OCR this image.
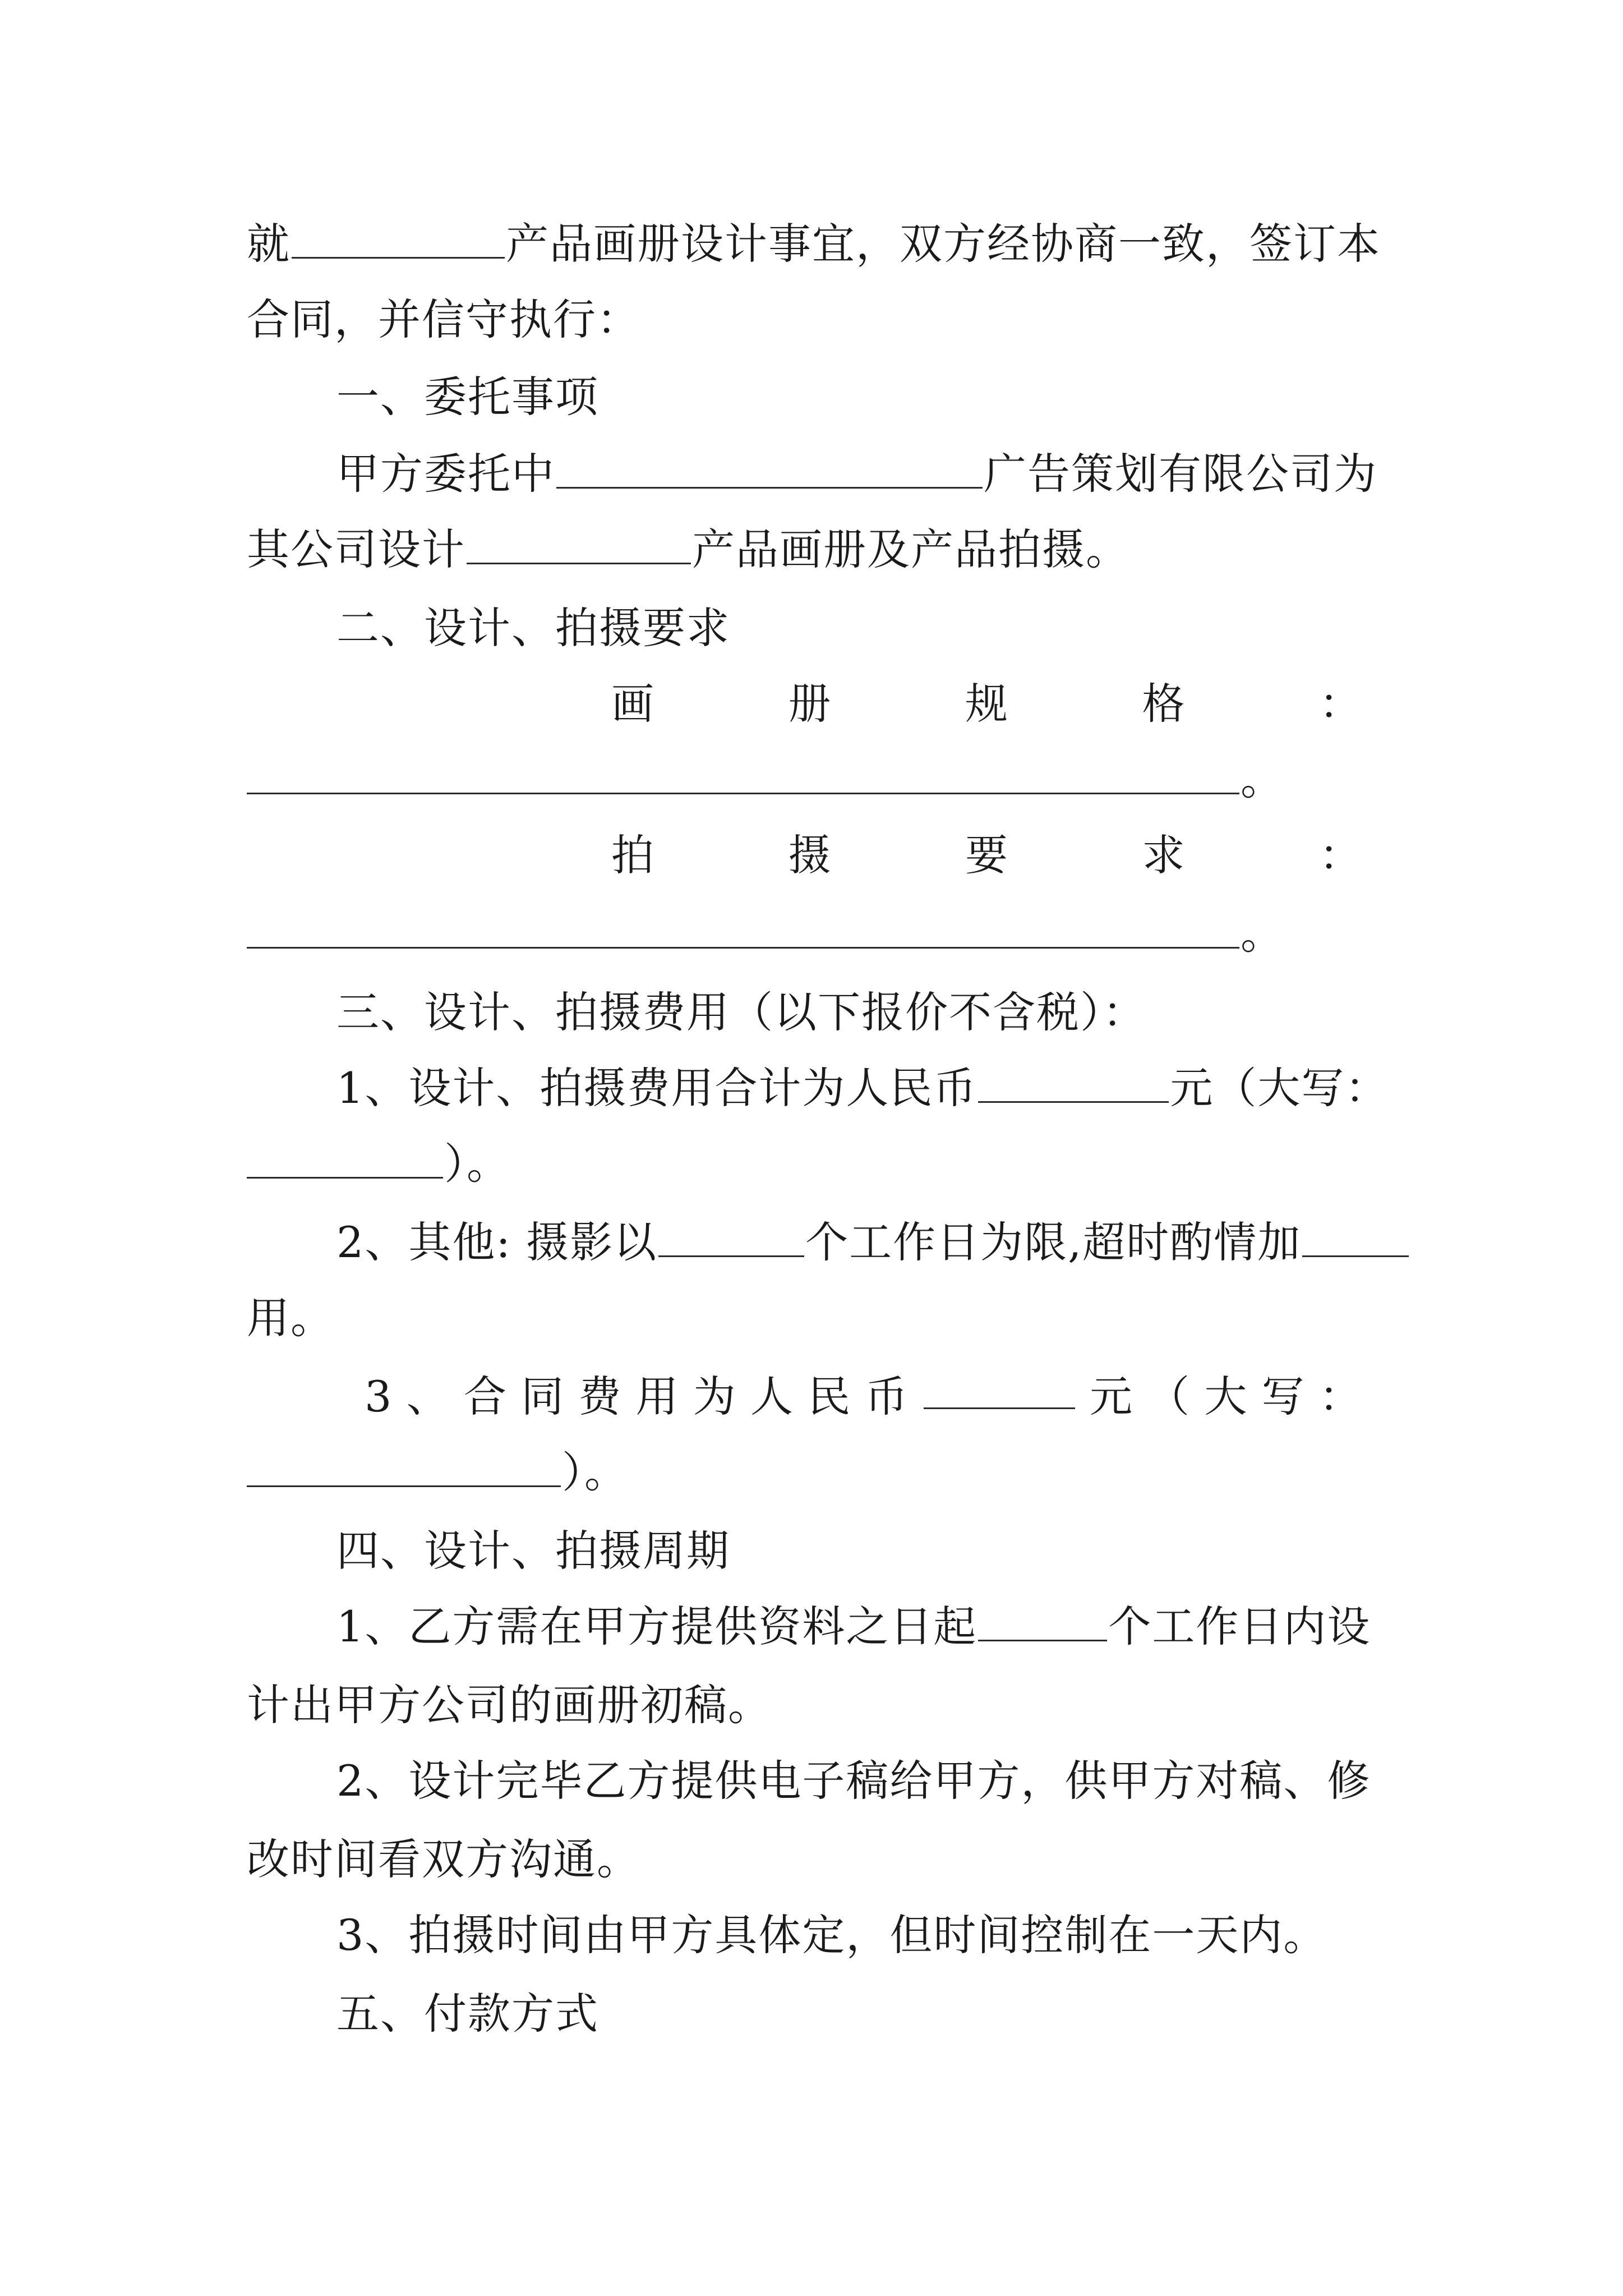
就	产品画册设计事宜，双方经协商一致，签订本
合同，并信守执行：
一、委托事项
甲方委托中	广告策划有限公司为
其公司设计	产品画册及产品拍摄。
二、设计、拍摄要求
画	册	规	格	：
。
拍	摄	要	求	：
。
三、设计、拍摄费用（以下报价不含税）：
1、设计、拍摄费用合计为人民币	元（大写：
）。
2、其他: 摄影以	个工作日为限,超时酌情加
用。
3 、 合 同 费 用 为 人 民 币	元 （ 大 写 ：
）。
四、设计、拍摄周期
1、乙方需在甲方提供资料之日起	个工作日内设
计出甲方公司的画册初稿。
2、设计完毕乙方提供电子稿给甲方，供甲方对稿、修
改时间看双方沟通。
3、拍摄时间由甲方具体定，但时间控制在一天内。
五、付款方式
